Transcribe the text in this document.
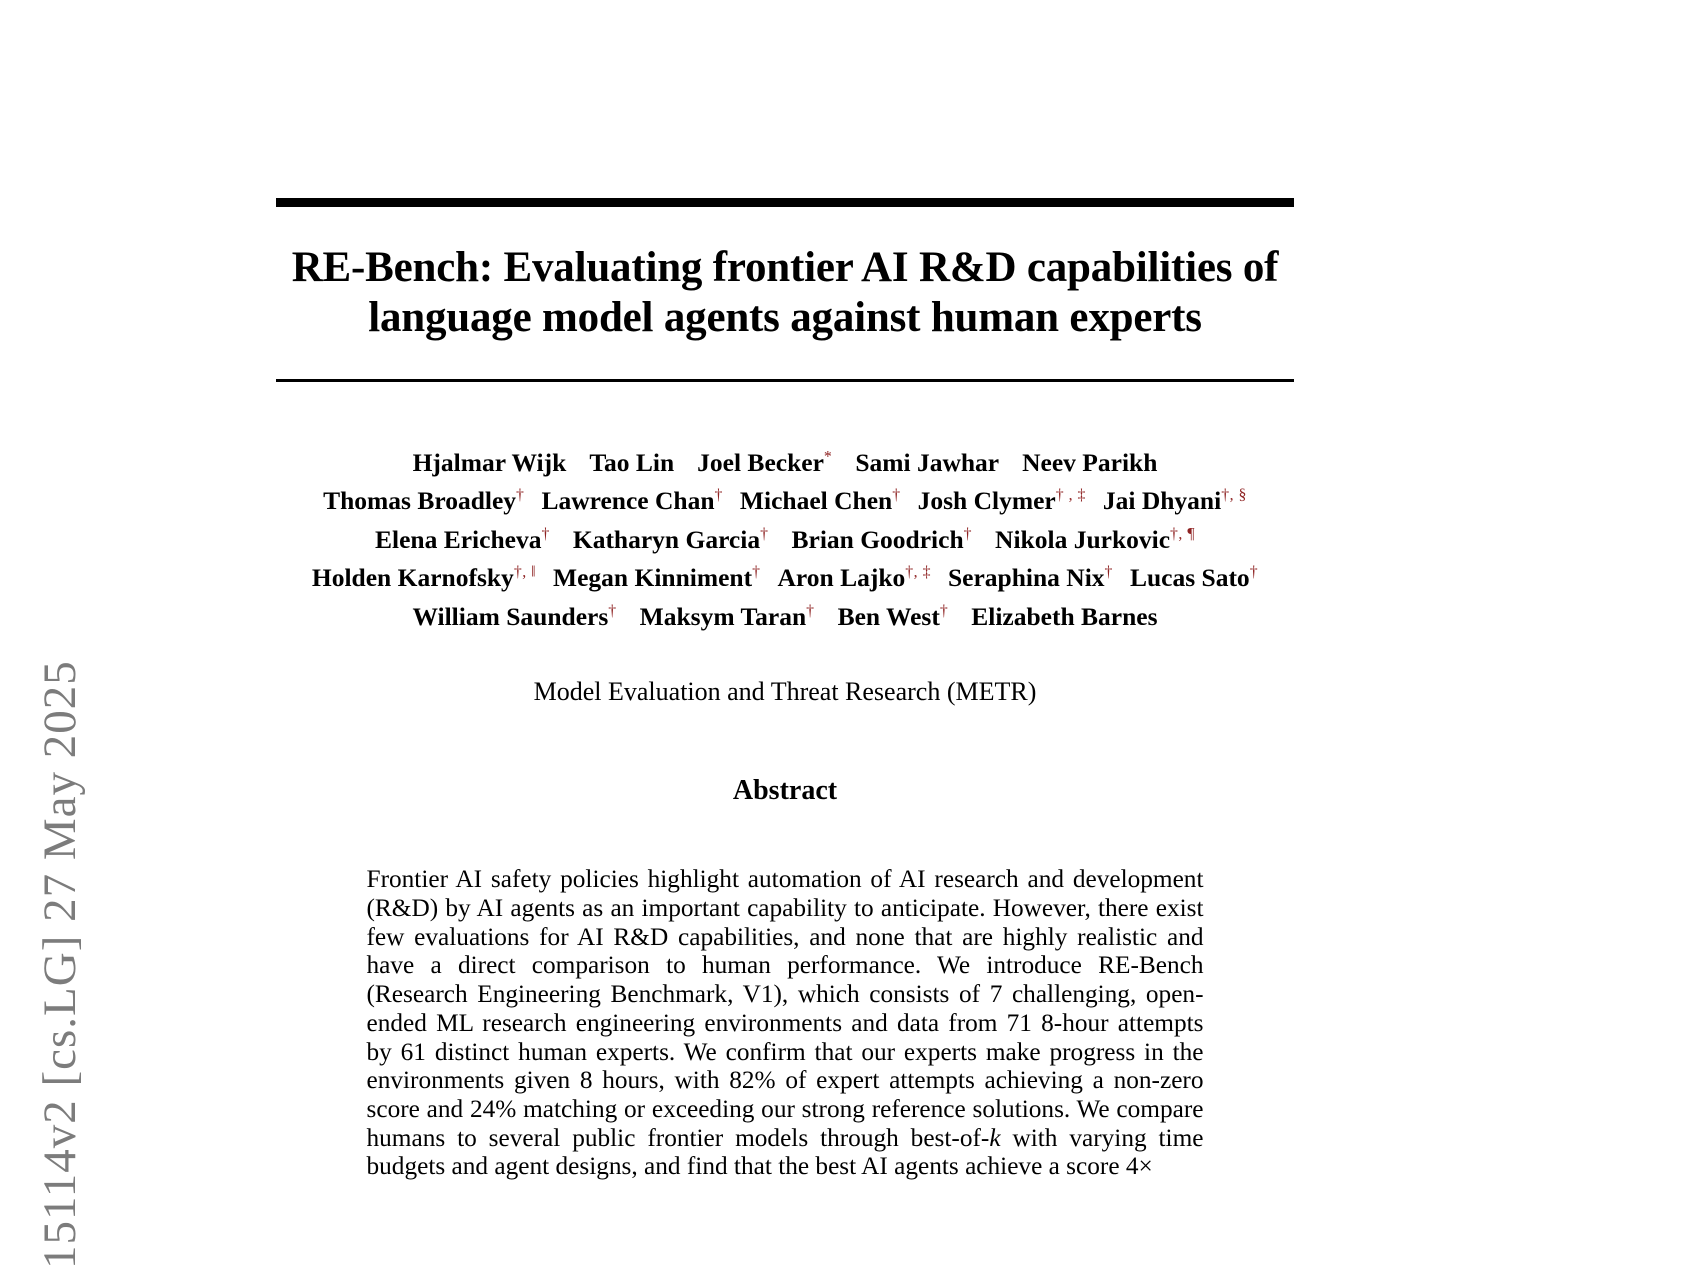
15114v2 [cs.LG] 27 May 2025
RE-Bench: Evaluating frontier AI R&D capabilities of language model agents against human experts
Hjalmar Wijk Tao Lin Joel Becker* Sami Jawhar Neev Parikh
Thomas Broadley† Lawrence Chan† Michael Chen† Josh Clymer† , ‡ Jai Dhyani†, §
Elena Ericheva† Katharyn Garcia† Brian Goodrich† Nikola Jurkovic†, ¶
Holden Karnofsky†, ‖ Megan Kinniment† Aron Lajko†, ‡ Seraphina Nix† Lucas Sato†
William Saunders† Maksym Taran† Ben West† Elizabeth Barnes
Model Evaluation and Threat Research (METR)
Abstract
Frontier AI safety policies highlight automation of AI research and development (R&D) by AI agents as an important capability to anticipate. However, there exist few evaluations for AI R&D capabilities, and none that are highly realistic and have a direct comparison to human performance. We introduce RE-Bench (Research Engineering Benchmark, V1), which consists of 7 challenging, open-ended ML research engineering environments and data from 71 8-hour attempts by 61 distinct human experts. We confirm that our experts make progress in the environments given 8 hours, with 82% of expert attempts achieving a non-zero score and 24% matching or exceeding our strong reference solutions. We compare humans to several public frontier models through best-of-k with varying time budgets and agent designs, and find that the best AI agents achieve a score 4×
